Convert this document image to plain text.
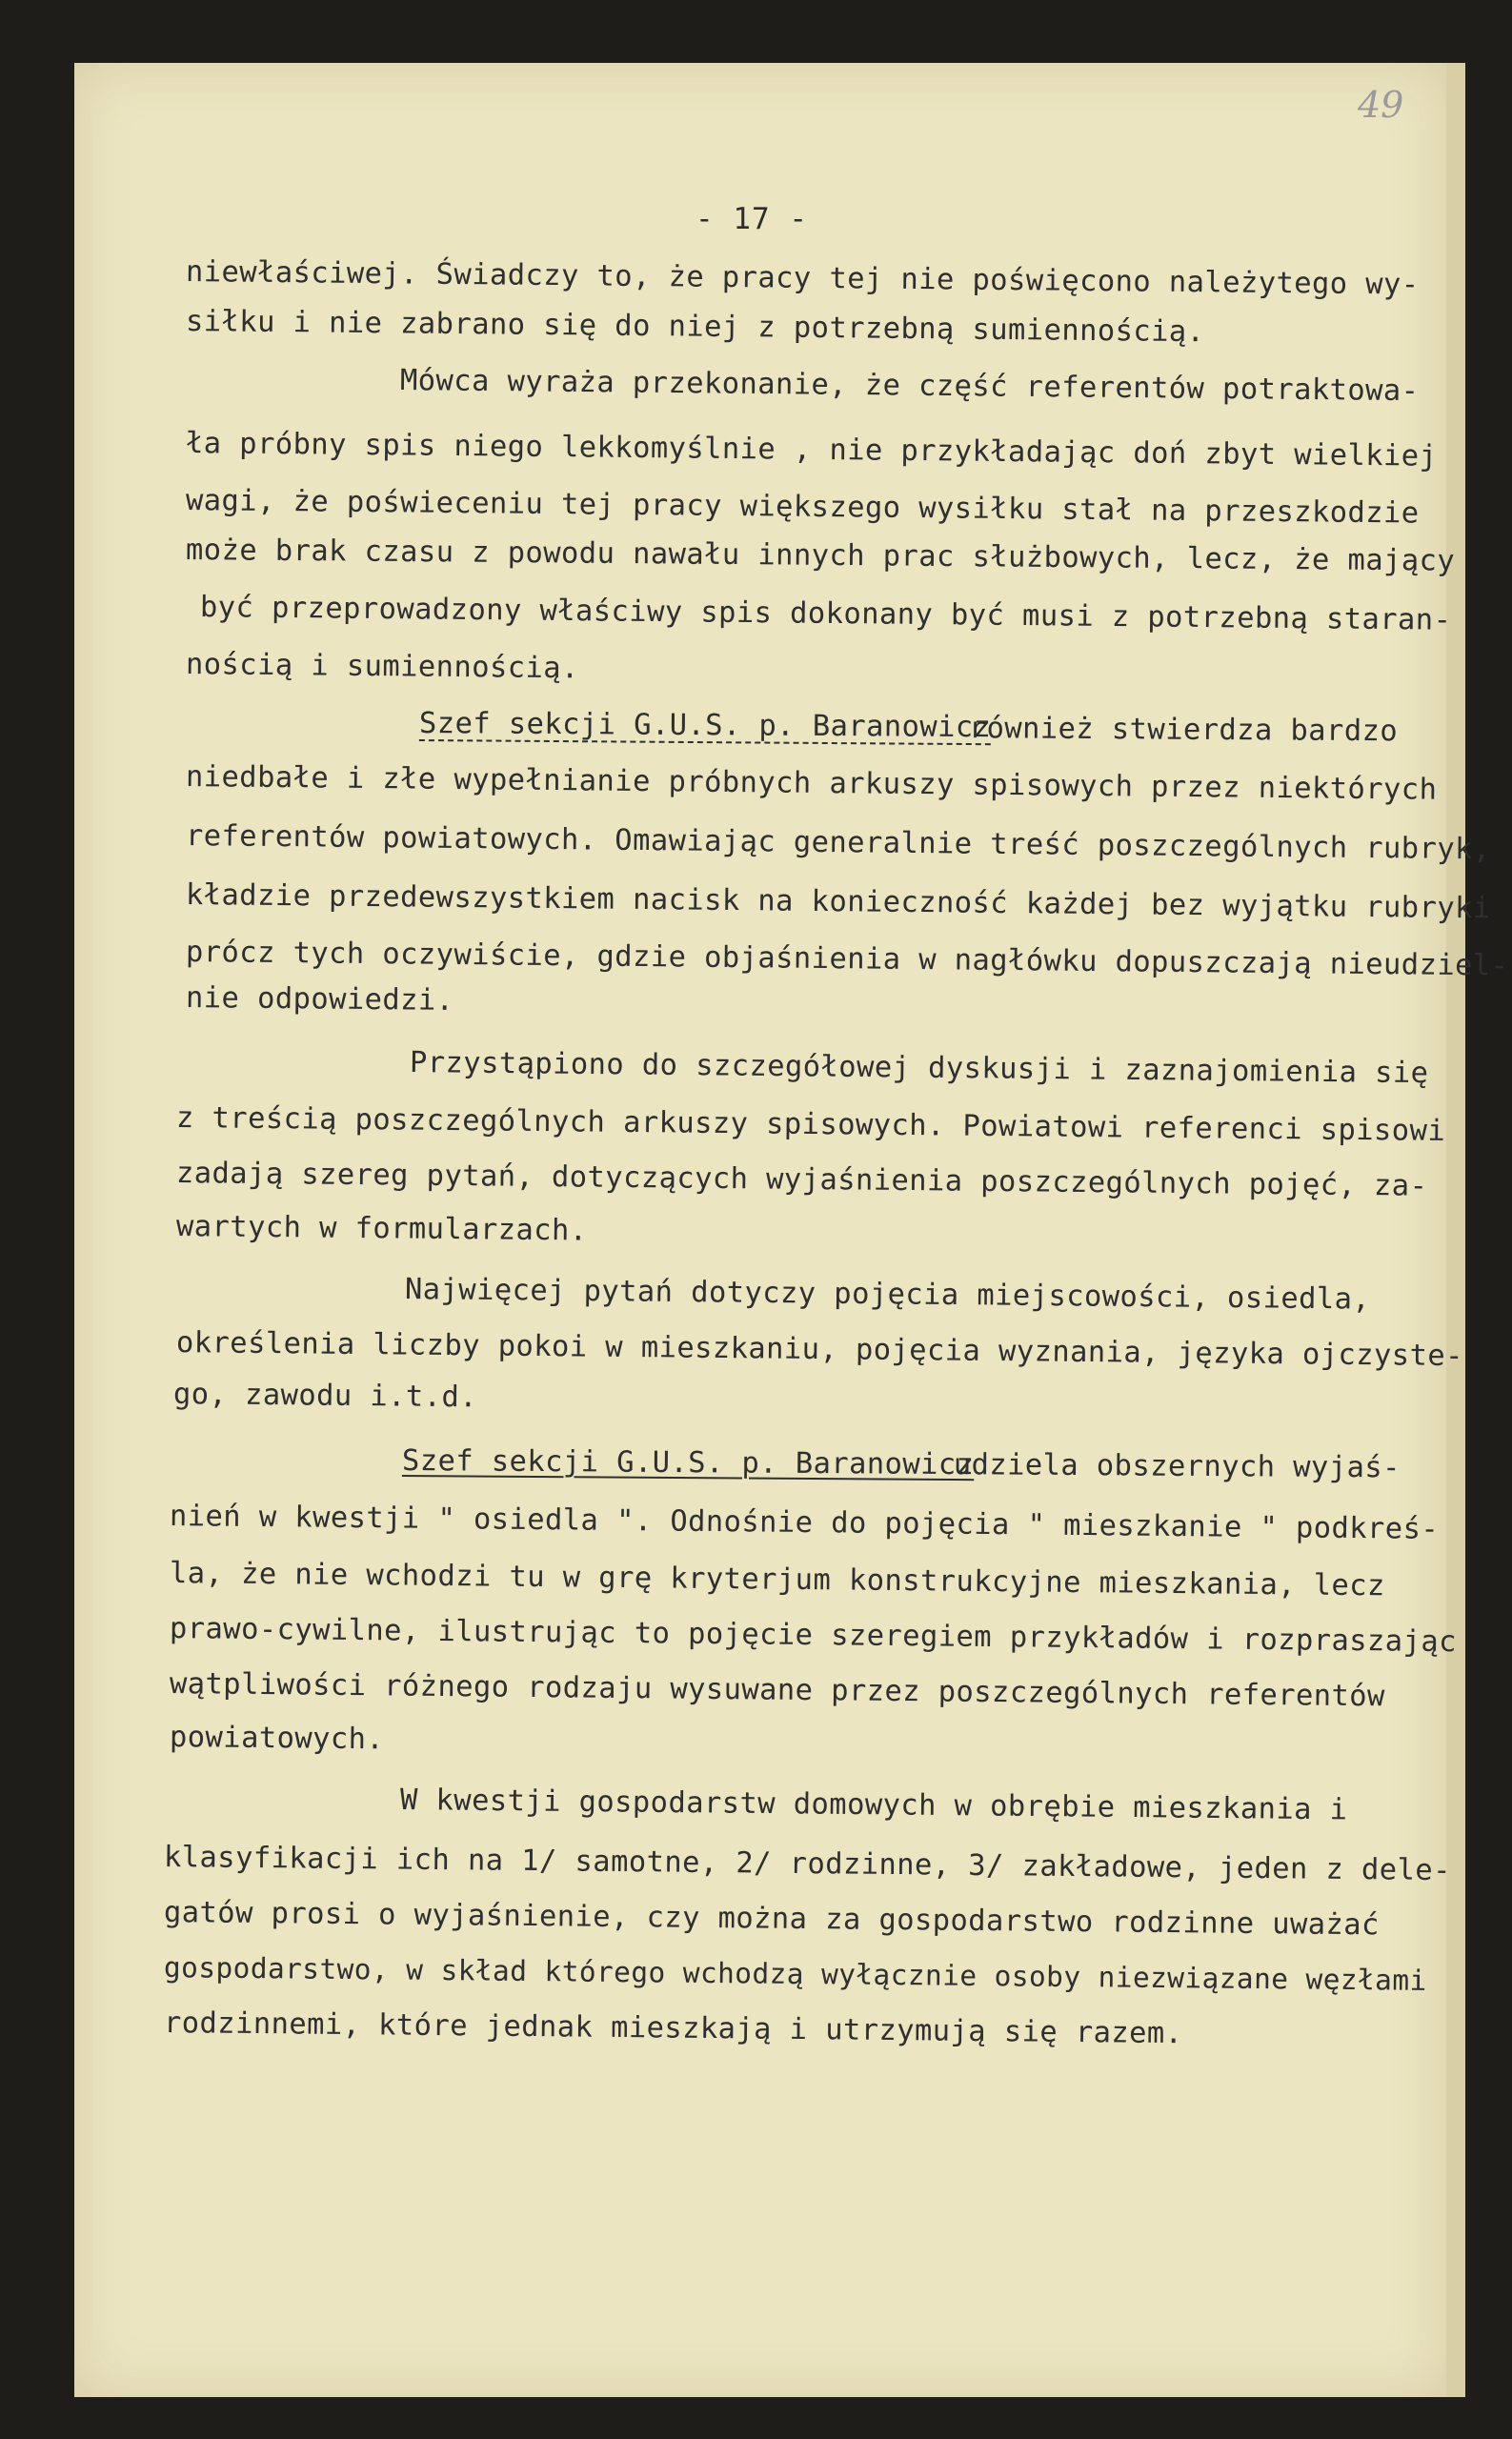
49
- 17 -
niewłaściwej. Świadczy to, że pracy tej nie poświęcono należytego wy-
siłku i nie zabrano się do niej z potrzebną sumiennością.
Mówca wyraża przekonanie, że część referentów potraktowa-
ła próbny spis niego lekkomyślnie , nie przykładając doń zbyt wielkiej
wagi, że poświeceniu tej pracy większego wysiłku stał na przeszkodzie
może brak czasu z powodu nawału innych prac służbowych, lecz, że mający
być przeprowadzony właściwy spis dokonany być musi z potrzebną staran-
nością i sumiennością.
Szef sekcji G.U.S. p. Baranowicz
również stwierdza bardzo
niedbałe i złe wypełnianie próbnych arkuszy spisowych przez niektórych
referentów powiatowych. Omawiając generalnie treść poszczególnych rubryk,
kładzie przedewszystkiem nacisk na konieczność każdej bez wyjątku rubryki
prócz tych oczywiście, gdzie objaśnienia w nagłówku dopuszczają nieudziel-
nie odpowiedzi.
Przystąpiono do szczegółowej dyskusji i zaznajomienia się
z treścią poszczególnych arkuszy spisowych. Powiatowi referenci spisowi
zadają szereg pytań, dotyczących wyjaśnienia poszczególnych pojęć, za-
wartych w formularzach.
Najwięcej pytań dotyczy pojęcia miejscowości, osiedla,
określenia liczby pokoi w mieszkaniu, pojęcia wyznania, języka ojczyste-
go, zawodu i.t.d.
Szef sekcji G.U.S. p. Baranowicz
udziela obszernych wyjaś-
nień w kwestji " osiedla ". Odnośnie do pojęcia " mieszkanie " podkreś-
la, że nie wchodzi tu w grę kryterjum konstrukcyjne mieszkania, lecz
prawo-cywilne, ilustrując to pojęcie szeregiem przykładów i rozpraszając
wątpliwości różnego rodzaju wysuwane przez poszczególnych referentów
powiatowych.
W kwestji gospodarstw domowych w obrębie mieszkania i
klasyfikacji ich na 1/ samotne, 2/ rodzinne, 3/ zakładowe, jeden z dele-
gatów prosi o wyjaśnienie, czy można za gospodarstwo rodzinne uważać
gospodarstwo, w skład którego wchodzą wyłącznie osoby niezwiązane węzłami
rodzinnemi, które jednak mieszkają i utrzymują się razem.
